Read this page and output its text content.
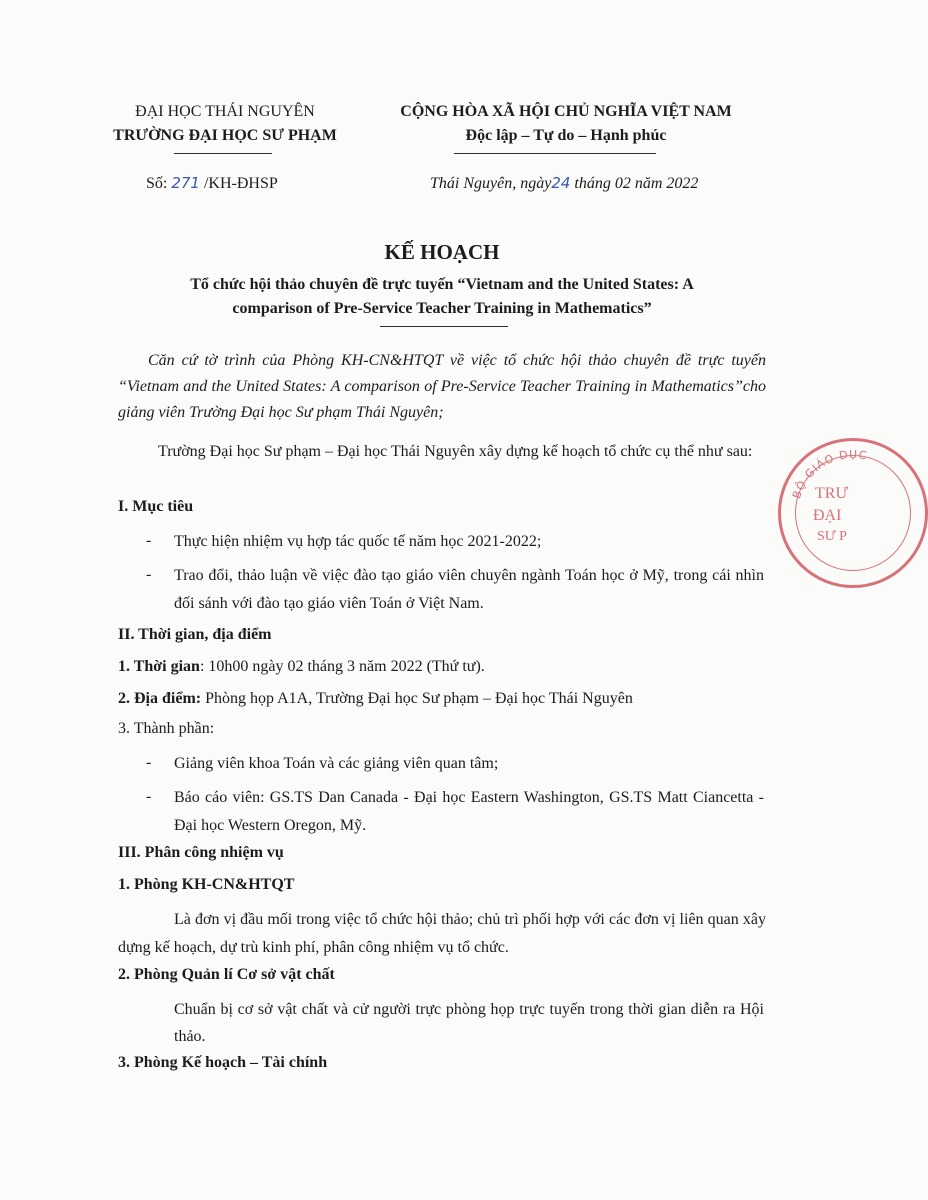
ĐẠI HỌC THÁI NGUYÊN
TRƯỜNG ĐẠI HỌC SƯ PHẠM
CỘNG HÒA XÃ HỘI CHỦ NGHĨA VIỆT NAM
Độc lập – Tự do – Hạnh phúc
Số: 271 /KH-ĐHSP	Thái Nguyên, ngày24 tháng 02 năm 2022
KẾ HOẠCH
Tổ chức hội thảo chuyên đề trực tuyến “Vietnam and the United States: A
comparison of Pre-Service Teacher Training in Mathematics”
Căn cứ tờ trình của Phòng KH-CN&HTQT về việc tổ chức hội thảo chuyên đề trực tuyến “Vietnam and the United States: A comparison of Pre-Service Teacher Training in Mathematics”cho giảng viên Trường Đại học Sư phạm Thái Nguyên;
Trường Đại học Sư phạm – Đại học Thái Nguyên xây dựng kế hoạch tổ chức cụ thể như sau:
I. Mục tiêu
- Thực hiện nhiệm vụ hợp tác quốc tế năm học 2021-2022;
- Trao đổi, thảo luận về việc đào tạo giáo viên chuyên ngành Toán học ở Mỹ, trong cái nhìn đối sánh với đào tạo giáo viên Toán ở Việt Nam.
II. Thời gian, địa điểm
1. Thời gian: 10h00 ngày 02 tháng 3 năm 2022 (Thứ tư).
2. Địa điểm: Phòng họp A1A, Trường Đại học Sư phạm – Đại học Thái Nguyên
3. Thành phần:
- Giảng viên khoa Toán và các giảng viên quan tâm;
- Báo cáo viên: GS.TS Dan Canada - Đại học Eastern Washington, GS.TS Matt Ciancetta - Đại học Western Oregon, Mỹ.
III. Phân công nhiệm vụ
1. Phòng KH-CN&HTQT
Là đơn vị đầu mối trong việc tổ chức hội thảo; chủ trì phối hợp với các đơn vị liên quan xây dựng kế hoạch, dự trù kinh phí, phân công nhiệm vụ tổ chức.
2. Phòng Quản lí Cơ sở vật chất
Chuẩn bị cơ sở vật chất và cử người trực phòng họp trực tuyến trong thời gian diễn ra Hội thảo.
3. Phòng Kế hoạch – Tài chính
BỘ GIÁO DỤC
TRƯ
ĐẠI
SƯ P
